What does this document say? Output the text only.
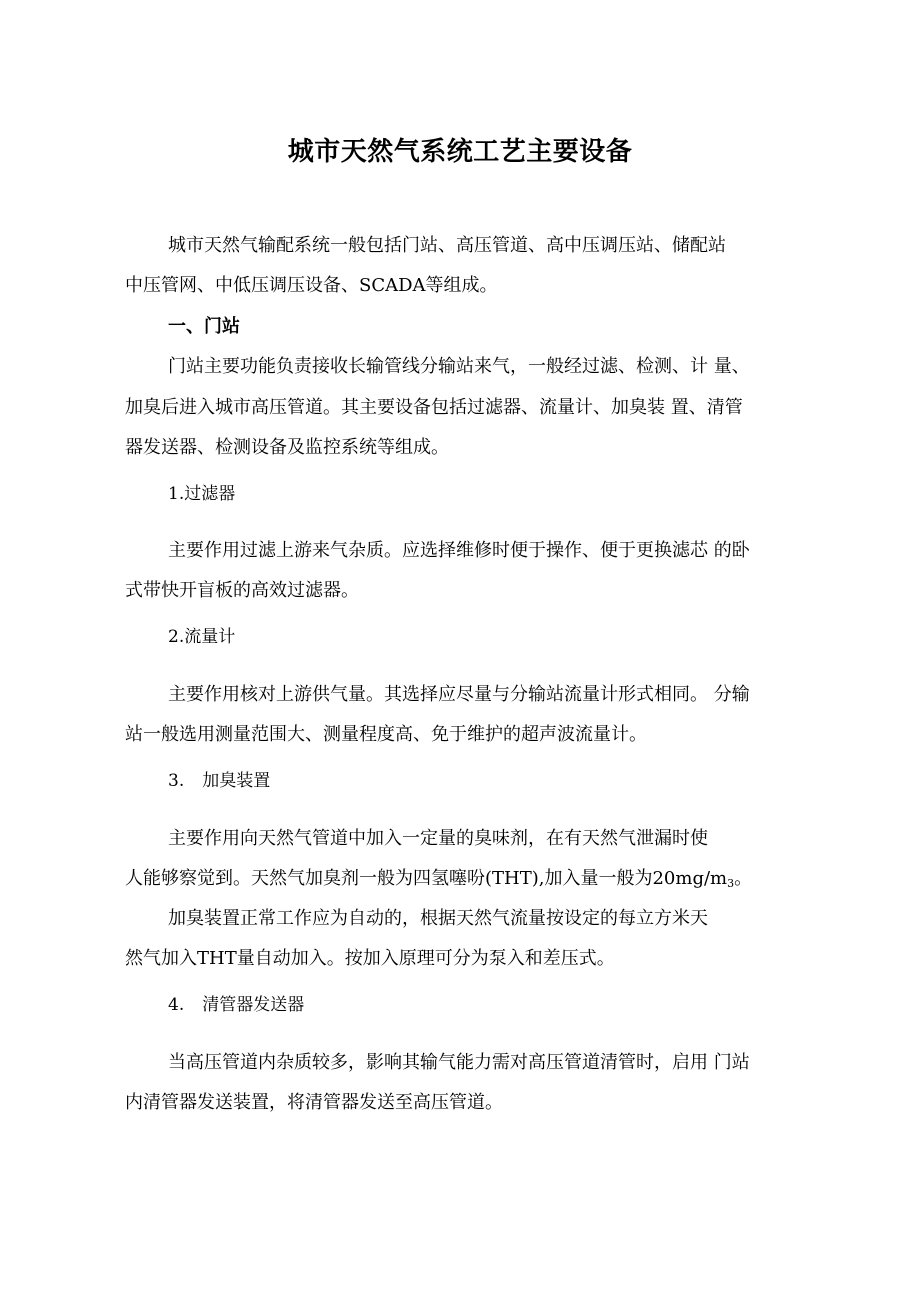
城市天然气系统工艺主要设备
城市天然气输配系统一般包括门站、高压管道、高中压调压站、储配站
中压管网、中低压调压设备、SCADA等组成。
一、门站
门站主要功能负责接收长输管线分输站来气，一般经过滤、检测、计 量、
加臭后进入城市高压管道。其主要设备包括过滤器、流量计、加臭装 置、清管
器发送器、检测设备及监控系统等组成。
1.过滤器
主要作用过滤上游来气杂质。应选择维修时便于操作、便于更换滤芯 的卧
式带快开盲板的高效过滤器。
2.流量计
主要作用核对上游供气量。其选择应尽量与分输站流量计形式相同。 分输
站一般选用测量范围大、测量程度高、免于维护的超声波流量计。
3. 加臭装置
主要作用向天然气管道中加入一定量的臭味剂，在有天然气泄漏时使
人能够察觉到。天然气加臭剂一般为四氢噻吩(THT),加入量一般为$20mg/m_3$。
加臭装置正常工作应为自动的，根据天然气流量按设定的每立方米天
然气加入THT量自动加入。按加入原理可分为泵入和差压式。
4. 清管器发送器
当高压管道内杂质较多，影响其输气能力需对高压管道清管时，启用 门站
内清管器发送装置，将清管器发送至高压管道。
